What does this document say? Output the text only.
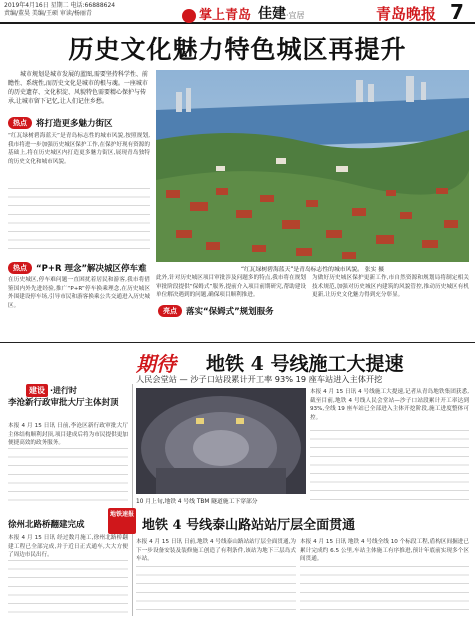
2019年4月16日 星期二 电话:66888624
责编/董昊 美编/王硕 审读/杨丽青	掌上青岛 佳建·宜居	青岛晚报 7
历史文化魅力特色城区再提升
城市规划是城市发展的蓝图,需要坚持科学性、前瞻性、系统性,而历史文化是城市的根与魂。一座城市的历史遗存、文化积淀、风貌特色需要精心保护与传承,让城市留下记忆,让人们记住乡愁。
热点	将打造更多魅力街区
“红瓦绿树碧海蓝天”是青岛标志性的城市风貌,按照规划,我市将进一步加强历史城区保护工作,在保护好现有资源的基础上,将在历史城区内打造更多魅力街区,展现青岛独特的历史文化和城市风貌。
热点	“P+R 理念”解决城区停车难
在历史城区,停车难问题一直困扰着居民和游客,我市将借鉴国内外先进经验,推广“P+R”停车换乘理念,在历史城区外围建设停车场,引导市民和游客换乘公共交通进入历史城区。
“红瓦绿树碧海蓝天”是青岛标志性的城市风貌。 张实 摄
此外,针对历史城区项目审批涉及问题多的特点,我市将在规划审批阶段提供“保姆式”服务,提前介入项目前期研究,帮助建设单位解决遇到的问题,确保项目顺利推进。
亮点	落实“保姆式”规划服务
为做好历史城区保护更新工作,市自然资源和规划局将制定相关技术规范,加强对历史城区内建筑的风貌管控,推动历史城区有机更新,让历史文化魅力得到充分彰显。
期待 地铁 4 号线施工大提速
人民会堂站 — 沙子口站段累计开工率 93% 19 座车站进入主体开挖
建设 ·进行时
李沧新行政审批大厅主体封顶
本报 4 月 15 日讯 日前,李沧区新行政审批大厅主体结构顺利封顶,项目建成后将为市民提供更加便捷高效的政务服务。
徐州北路桥翻建完成
本报 4 月 15 日讯 经过数月施工,徐州北路桥翻建工程已全部完成,并于近日正式通车,大大方便了周边市民出行。
10 月上旬,地铁 4 号线 TBM 隧道施工下穿部分
本报 4 月 15 日讯 4 号线施工大提速,记者从青岛地铁集团获悉,截至目前,地铁 4 号线人民会堂站—沙子口站段累计开工率达到 93%,全线 19 座车站已全部进入主体开挖阶段,施工进度整体可控。
地铁速报
地铁 4 号线泰山路站站厅层全面贯通
本报 4 月 15 日讯 日前,地铁 4 号线泰山路站站厅层全面贯通,为下一步设备安装及装修施工创造了有利条件,该站为地下三层岛式车站。
本报 4 月 15 日讯 地铁 4 号线全线 10 个标段工程,盾构区间掘进已累计完成约 6.5 公里,车站主体施工有序推进,预计年底前实现多个区间贯通。
